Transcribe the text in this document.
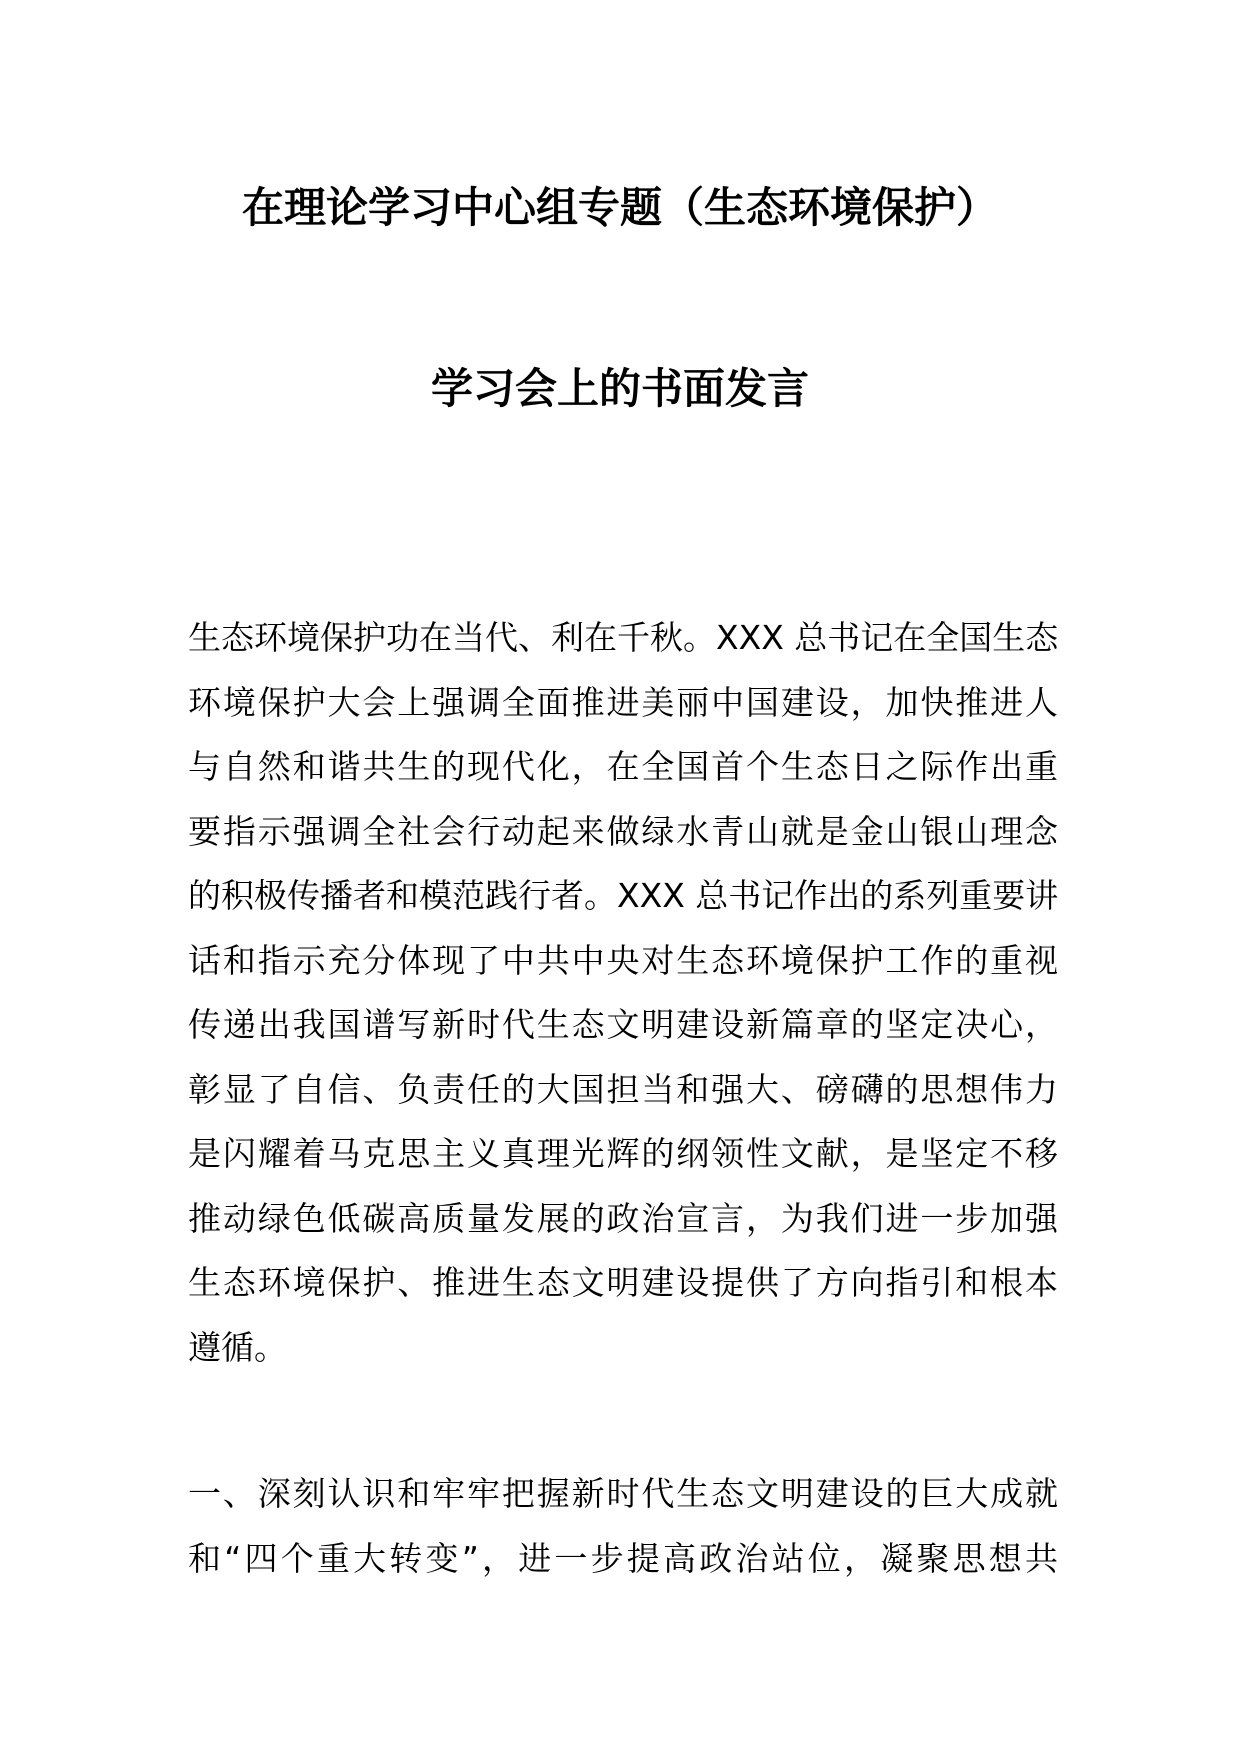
在理论学习中心组专题（生态环境保护）
学习会上的书面发言
生态环境保护功在当代、利在千秋。XXX 总书记在全国生态
环境保护大会上强调全面推进美丽中国建设，加快推进人
与自然和谐共生的现代化，在全国首个生态日之际作出重
要指示强调全社会行动起来做绿水青山就是金山银山理念
的积极传播者和模范践行者。XXX 总书记作出的系列重要讲
话和指示充分体现了中共中央对生态环境保护工作的重视
传递出我国谱写新时代生态文明建设新篇章的坚定决心，
彰显了自信、负责任的大国担当和强大、磅礴的思想伟力
是闪耀着马克思主义真理光辉的纲领性文献，是坚定不移
推动绿色低碳高质量发展的政治宣言，为我们进一步加强
生态环境保护、推进生态文明建设提供了方向指引和根本
遵循。
一、深刻认识和牢牢把握新时代生态文明建设的巨大成就
和“四个重大转变”，进一步提高政治站位，凝聚思想共
